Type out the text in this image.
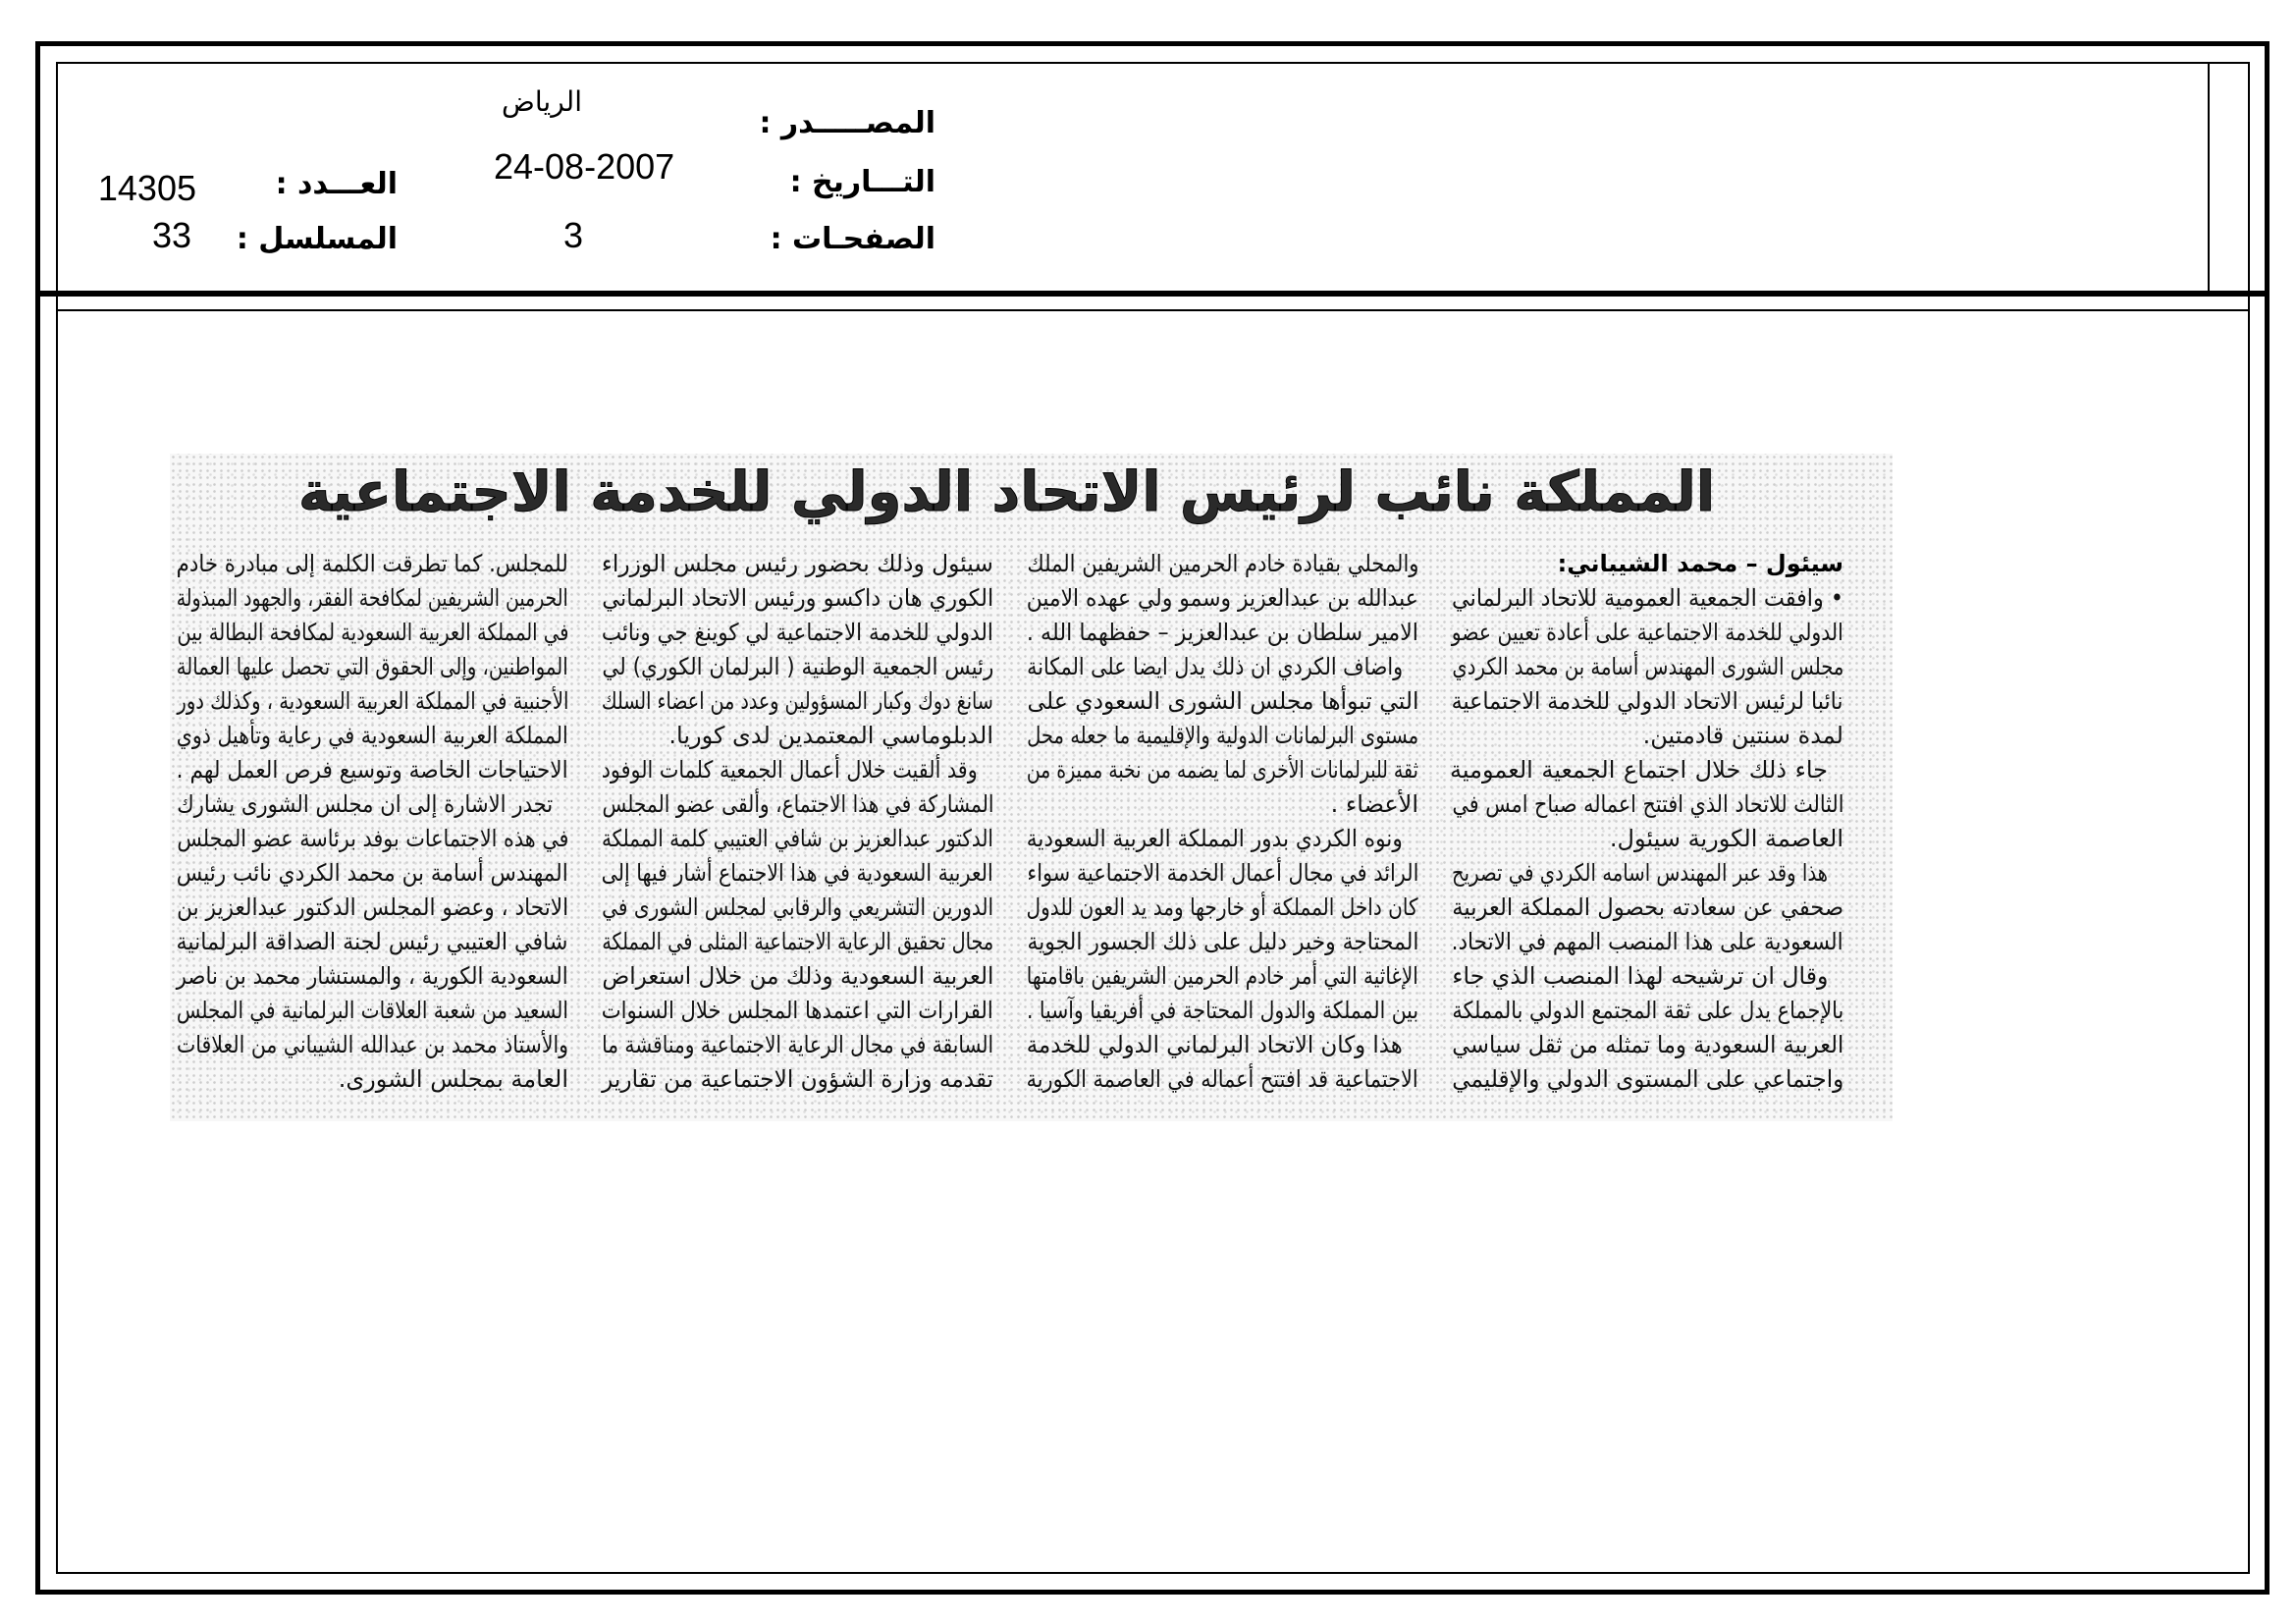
المصـــــدر :
الرياض
التـــاريخ :
24-08-2007
الصفحـات :
3
العـــدد :
14305
المسلسل :
33
المملكة نائب لرئيس الاتحاد الدولي للخدمة الاجتماعية
سيئول – محمد الشيباني:
• وافقت الجمعية العمومية للاتحاد البرلماني
الدولي للخدمة الاجتماعية على أعادة تعيين عضو
مجلس الشورى المهندس أسامة بن محمد الكردي
نائبا لرئيس الاتحاد الدولي للخدمة الاجتماعية
لمدة سنتين قادمتين.
جاء ذلك خلال اجتماع الجمعية العمومية
الثالث للاتحاد الذي افتتح اعماله صباح امس في
العاصمة الكورية سيئول.
هذا وقد عبر المهندس اسامه الكردي في تصريح
صحفي عن سعادته بحصول المملكة العربية
السعودية على هذا المنصب المهم في الاتحاد.
وقال ان ترشيحه لهذا المنصب الذي جاء
بالإجماع يدل على ثقة المجتمع الدولي بالمملكة
العربية السعودية وما تمثله من ثقل سياسي
واجتماعي على المستوى الدولي والإقليمي
والمحلي بقيادة خادم الحرمين الشريفين الملك
عبدالله بن عبدالعزيز وسمو ولي عهده الامين
الامير سلطان بن عبدالعزيز – حفظهما الله .
واضاف الكردي ان ذلك يدل ايضا على المكانة
التي تبوأها مجلس الشورى السعودي على
مستوى البرلمانات الدولية والإقليمية ما جعله محل
ثقة للبرلمانات الأخرى لما يضمه من نخبة مميزة من
الأعضاء .
ونوه الكردي بدور المملكة العربية السعودية
الرائد في مجال أعمال الخدمة الاجتماعية سواء
كان داخل المملكة أو خارجها ومد يد العون للدول
المحتاجة وخير دليل على ذلك الجسور الجوية
الإغاثية التي أمر خادم الحرمين الشريفين باقامتها
بين المملكة والدول المحتاجة في أفريقيا وآسيا .
هذا وكان الاتحاد البرلماني الدولي للخدمة
الاجتماعية قد افتتح أعماله في العاصمة الكورية
سيئول وذلك بحضور رئيس مجلس الوزراء
الكوري هان داكسو ورئيس الاتحاد البرلماني
الدولي للخدمة الاجتماعية لي كوينغ جي ونائب
رئيس الجمعية الوطنية ( البرلمان الكوري) لي
سانغ دوك وكبار المسؤولين وعدد من اعضاء السلك
الدبلوماسي المعتمدين لدى كوريا.
وقد ألقيت خلال أعمال الجمعية كلمات الوفود
المشاركة في هذا الاجتماع، وألقى عضو المجلس
الدكتور عبدالعزيز بن شافي العتيبي كلمة المملكة
العربية السعودية في هذا الاجتماع أشار فيها إلى
الدورين التشريعي والرقابي لمجلس الشورى في
مجال تحقيق الرعاية الاجتماعية المثلى في المملكة
العربية السعودية وذلك من خلال استعراض
القرارات التي اعتمدها المجلس خلال السنوات
السابقة في مجال الرعاية الاجتماعية ومناقشة ما
تقدمه وزارة الشؤون الاجتماعية من تقارير
للمجلس. كما تطرقت الكلمة إلى مبادرة خادم
الحرمين الشريفين لمكافحة الفقر، والجهود المبذولة
في المملكة العربية السعودية لمكافحة البطالة بين
المواطنين، وإلى الحقوق التي تحصل عليها العمالة
الأجنبية في المملكة العربية السعودية ، وكذلك دور
المملكة العربية السعودية في رعاية وتأهيل ذوي
الاحتياجات الخاصة وتوسيع فرص العمل لهم .
تجدر الاشارة إلى ان مجلس الشورى يشارك
في هذه الاجتماعات بوفد برئاسة عضو المجلس
المهندس أسامة بن محمد الكردي نائب رئيس
الاتحاد ، وعضو المجلس الدكتور عبدالعزيز بن
شافي العتيبي رئيس لجنة الصداقة البرلمانية
السعودية الكورية ، والمستشار محمد بن ناصر
السعيد من شعبة العلاقات البرلمانية في المجلس
والأستاذ محمد بن عبدالله الشيباني من العلاقات
العامة بمجلس الشورى.
